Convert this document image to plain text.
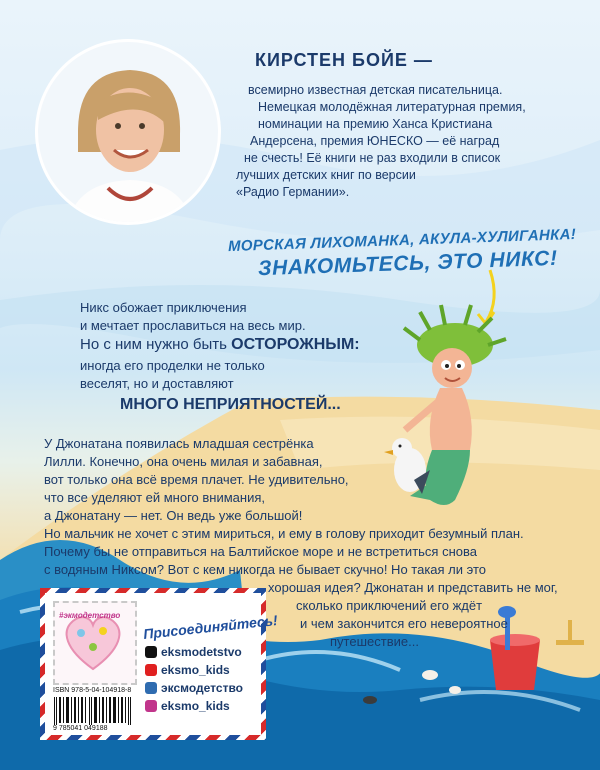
КИРСТЕН БОЙЕ —
всемирно известная детская писательница.
Немецкая молодёжная литературная премия,
номинации на премию Ханса Кристиана
Андерсена, премия ЮНЕСКО — её наград
не счесть! Её книги не раз входили в список
лучших детских книг по версии
«Радио Германии».
МОРСКАЯ ЛИХОМАНКА, АКУЛА-ХУЛИГАНКА!
ЗНАКОМЬТЕСЬ, ЭТО НИКС!
Никс обожает приключения
и мечтает прославиться на весь мир.
Но с ним нужно быть ОСТОРОЖНЫМ:
иногда его проделки не только
веселят, но и доставляют
МНОГО НЕПРИЯТНОСТЕЙ...
У Джонатана появилась младшая сестрёнка
Лилли. Конечно, она очень милая и забавная,
вот только она всё время плачет. Не удивительно,
что все уделяют ей много внимания,
а Джонатану — нет. Он ведь уже большой!
Но мальчик не хочет с этим мириться, и ему в голову приходит безумный план.
Почему бы не отправиться на Балтийское море и не встретиться снова
с водяным Никсом? Вот с кем никогда не бывает скучно! Но такая ли это
хорошая идея? Джонатан и представить не мог,
сколько приключений его ждёт
и чем закончится его невероятное
путешествие...
#экмодетство Присоединяйтесь!
eksmodetstvo
eksmo_kids
эксмодетство
eksmo_kids
ISBN 978-5-04-104918-8
9 785041 049188
